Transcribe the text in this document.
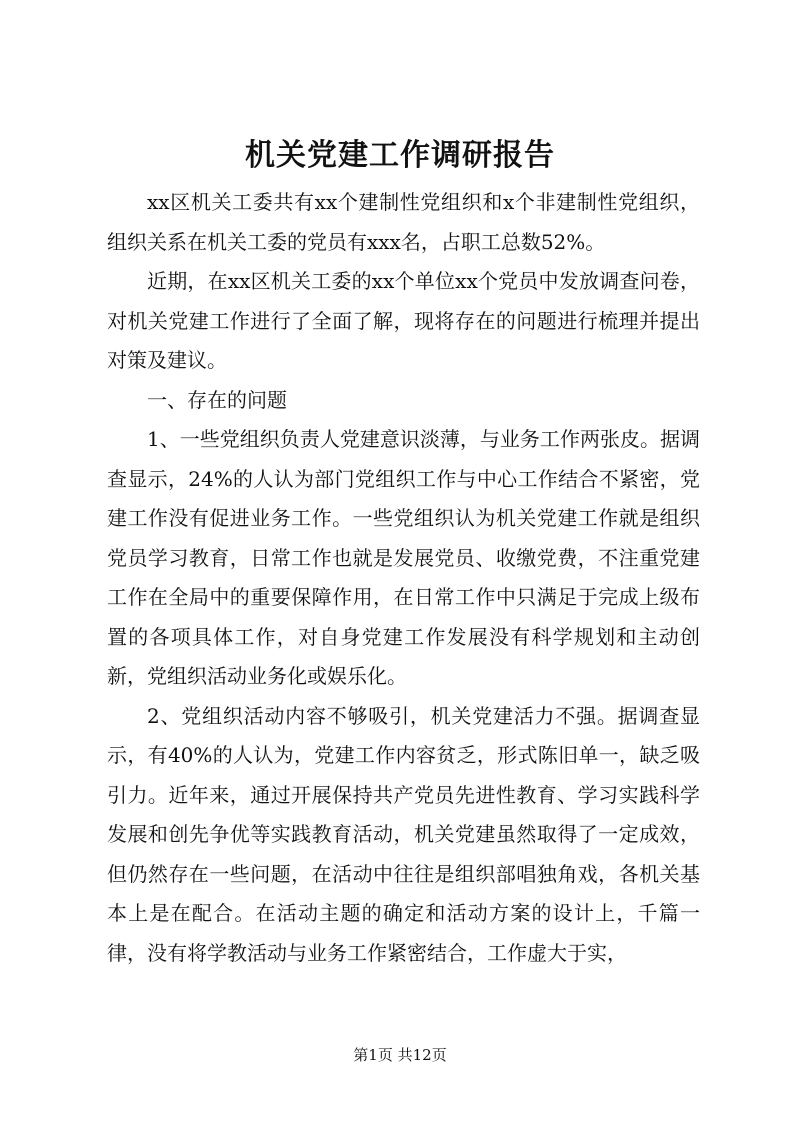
机关党建工作调研报告

xx区机关工委共有xx个建制性党组织和x个非建制性党组织，组织关系在机关工委的党员有xxx名，占职工总数52%。

近期，在xx区机关工委的xx个单位xx个党员中发放调查问卷，对机关党建工作进行了全面了解，现将存在的问题进行梳理并提出对策及建议。

一、存在的问题

1、一些党组织负责人党建意识淡薄，与业务工作两张皮。据调查显示，24%的人认为部门党组织工作与中心工作结合不紧密，党建工作没有促进业务工作。一些党组织认为机关党建工作就是组织党员学习教育，日常工作也就是发展党员、收缴党费，不注重党建工作在全局中的重要保障作用，在日常工作中只满足于完成上级布置的各项具体工作，对自身党建工作发展没有科学规划和主动创新，党组织活动业务化或娱乐化。

2、党组织活动内容不够吸引，机关党建活力不强。据调查显示，有40%的人认为，党建工作内容贫乏，形式陈旧单一，缺乏吸引力。近年来，通过开展保持共产党员先进性教育、学习实践科学发展和创先争优等实践教育活动，机关党建虽然取得了一定成效，但仍然存在一些问题，在活动中往往是组织部唱独角戏，各机关基本上是在配合。在活动主题的确定和活动方案的设计上，千篇一律，没有将学教活动与业务工作紧密结合，工作虚大于实，

第1页 共12页
